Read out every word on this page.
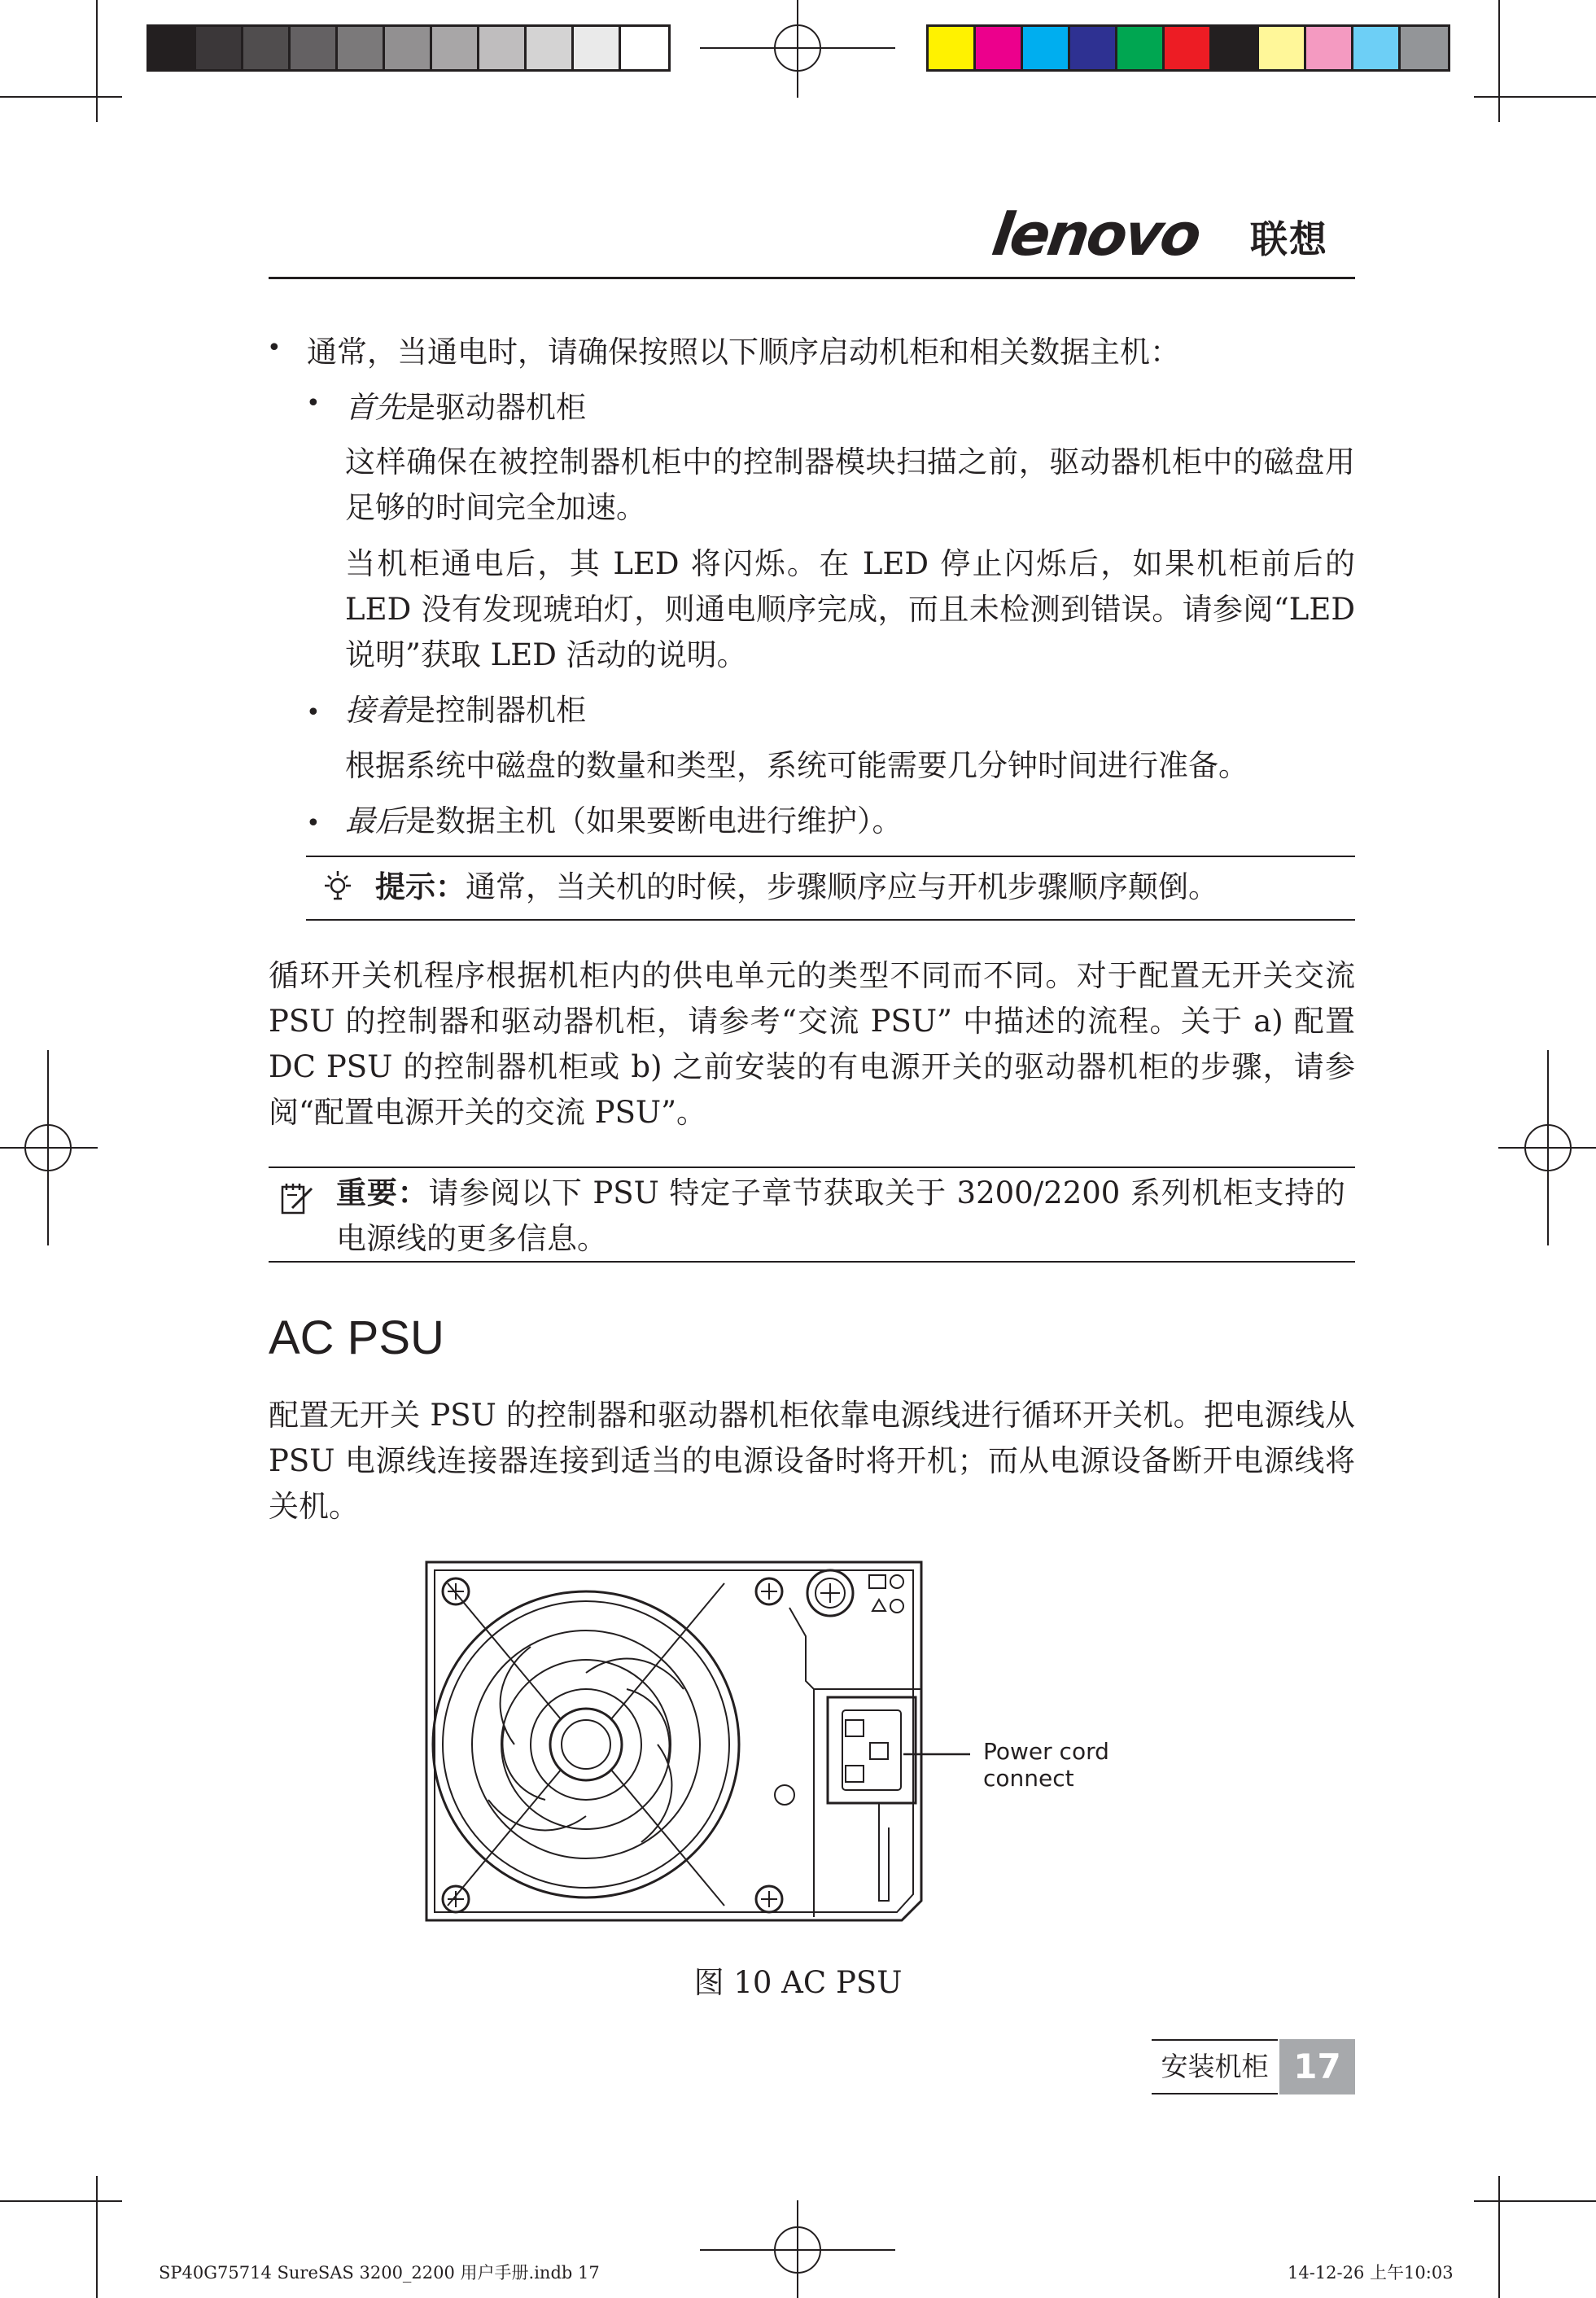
lenovo 联想
• 通常，当通电时，请确保按照以下顺序启动机柜和相关数据主机：
• 首先是驱动器机柜
这样确保在被控制器机柜中的控制器模块扫描之前，驱动器机柜中的磁盘用足够的时间完全加速。
当机柜通电后，其 LED 将闪烁。在 LED 停止闪烁后，如果机柜前后的 LED 没有发现琥珀灯，则通电顺序完成，而且未检测到错误。请参阅“LED 说明”获取 LED 活动的说明。
• 接着是控制器机柜
根据系统中磁盘的数量和类型，系统可能需要几分钟时间进行准备。
• 最后是数据主机（如果要断电进行维护）。
提示：通常，当关机的时候，步骤顺序应与开机步骤顺序颠倒。
循环开关机程序根据机柜内的供电单元的类型不同而不同。对于配置无开关交流 PSU 的控制器和驱动器机柜，请参考“交流 PSU” 中描述的流程。关于 a) 配置 DC PSU 的控制器机柜或 b) 之前安装的有电源开关的驱动器机柜的步骤，请参阅“配置电源开关的交流 PSU”。
重要：请参阅以下 PSU 特定子章节获取关于 3200/2200 系列机柜支持的电源线的更多信息。
AC PSU
配置无开关 PSU 的控制器和驱动器机柜依靠电源线进行循环开关机。把电源线从 PSU 电源线连接器连接到适当的电源设备时将开机；而从电源设备断开电源线将关机。
Power cord connect
图 10 AC PSU
安装机柜 17
SP40G75714 SureSAS 3200_2200 用户手册.indb 17	14-12-26 上午10:03
